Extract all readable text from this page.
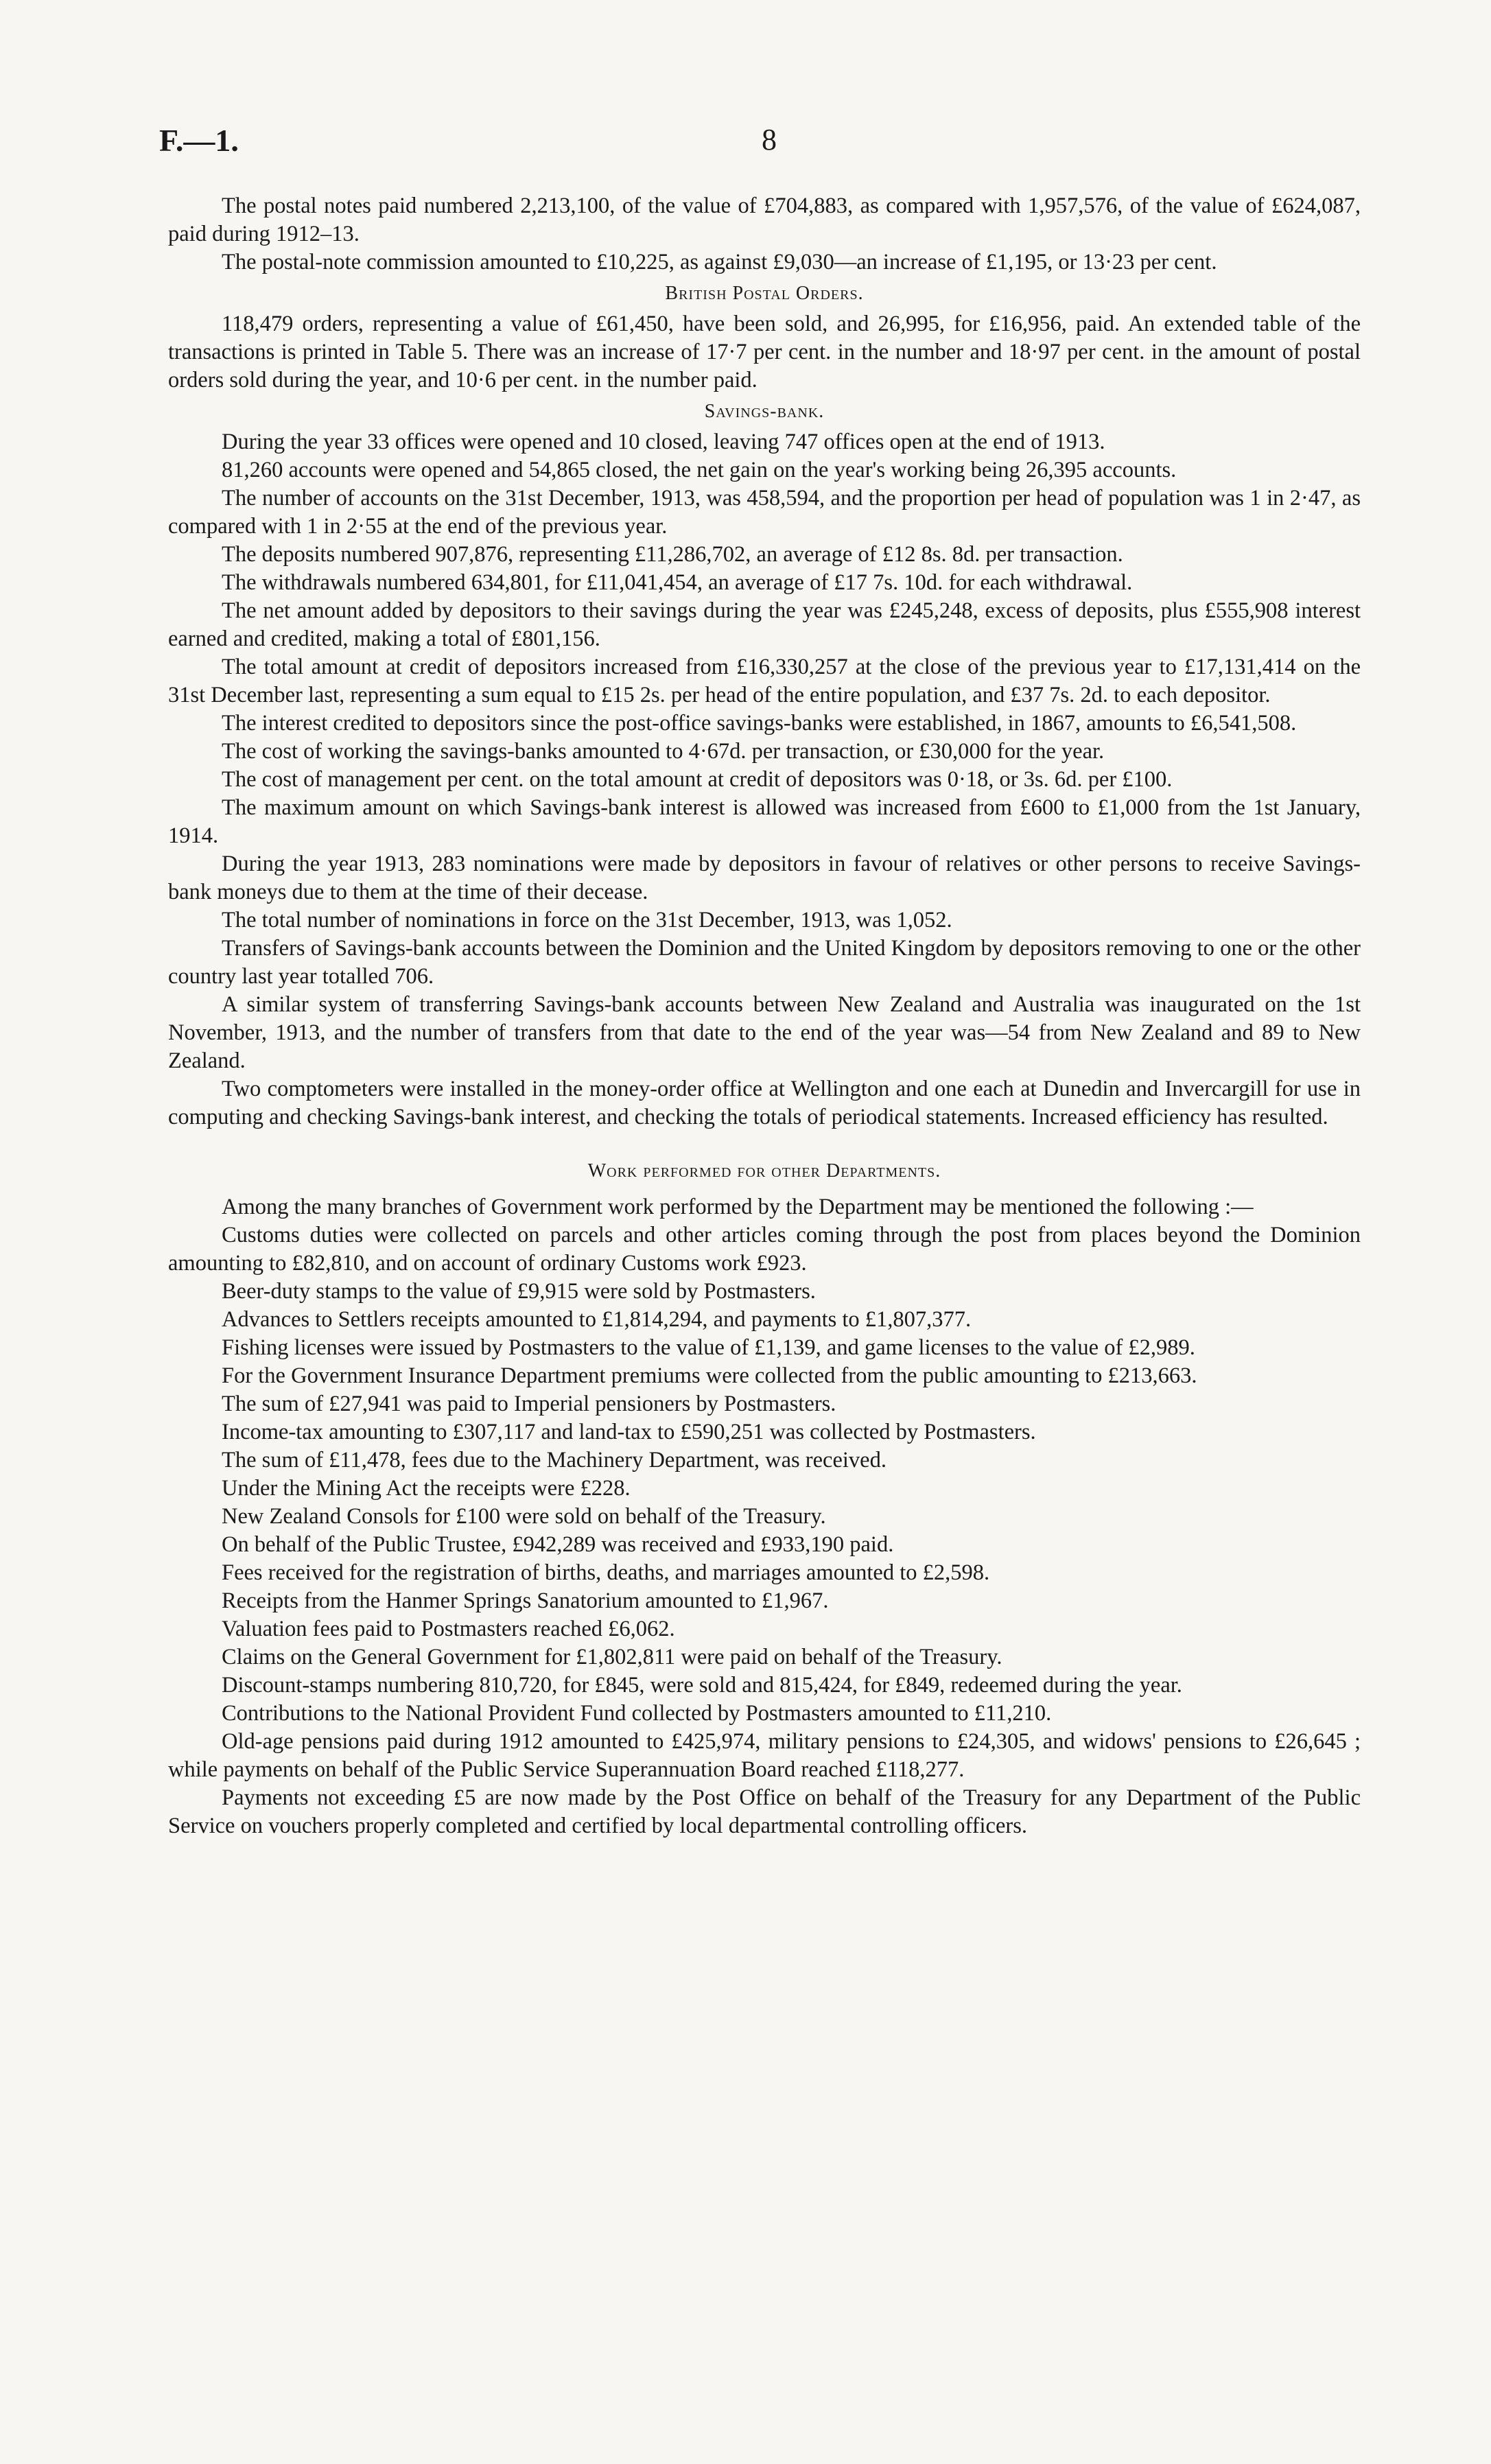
F.—1.	8

The postal notes paid numbered 2,213,100, of the value of £704,883, as compared with 1,957,576, of the value of £624,087, paid during 1912–13.

The postal-note commission amounted to £10,225, as against £9,030—an increase of £1,195, or 13·23 per cent.

British Postal Orders.

118,479 orders, representing a value of £61,450, have been sold, and 26,995, for £16,956, paid. An extended table of the transactions is printed in Table 5. There was an increase of 17·7 per cent. in the number and 18·97 per cent. in the amount of postal orders sold during the year, and 10·6 per cent. in the number paid.

Savings-bank.

During the year 33 offices were opened and 10 closed, leaving 747 offices open at the end of 1913.

81,260 accounts were opened and 54,865 closed, the net gain on the year's working being 26,395 accounts.

The number of accounts on the 31st December, 1913, was 458,594, and the proportion per head of population was 1 in 2·47, as compared with 1 in 2·55 at the end of the previous year.

The deposits numbered 907,876, representing £11,286,702, an average of £12 8s. 8d. per transaction.

The withdrawals numbered 634,801, for £11,041,454, an average of £17 7s. 10d. for each withdrawal.

The net amount added by depositors to their savings during the year was £245,248, excess of deposits, plus £555,908 interest earned and credited, making a total of £801,156.

The total amount at credit of depositors increased from £16,330,257 at the close of the previous year to £17,131,414 on the 31st December last, representing a sum equal to £15 2s. per head of the entire population, and £37 7s. 2d. to each depositor.

The interest credited to depositors since the post-office savings-banks were established, in 1867, amounts to £6,541,508.

The cost of working the savings-banks amounted to 4·67d. per transaction, or £30,000 for the year.

The cost of management per cent. on the total amount at credit of depositors was 0·18, or 3s. 6d. per £100.

The maximum amount on which Savings-bank interest is allowed was increased from £600 to £1,000 from the 1st January, 1914.

During the year 1913, 283 nominations were made by depositors in favour of relatives or other persons to receive Savings-bank moneys due to them at the time of their decease.

The total number of nominations in force on the 31st December, 1913, was 1,052.

Transfers of Savings-bank accounts between the Dominion and the United Kingdom by depositors removing to one or the other country last year totalled 706.

A similar system of transferring Savings-bank accounts between New Zealand and Australia was inaugurated on the 1st November, 1913, and the number of transfers from that date to the end of the year was—54 from New Zealand and 89 to New Zealand.

Two comptometers were installed in the money-order office at Wellington and one each at Dunedin and Invercargill for use in computing and checking Savings-bank interest, and checking the totals of periodical statements. Increased efficiency has resulted.

Work performed for other Departments.

Among the many branches of Government work performed by the Department may be mentioned the following :—

Customs duties were collected on parcels and other articles coming through the post from places beyond the Dominion amounting to £82,810, and on account of ordinary Customs work £923.

Beer-duty stamps to the value of £9,915 were sold by Postmasters.

Advances to Settlers receipts amounted to £1,814,294, and payments to £1,807,377.

Fishing licenses were issued by Postmasters to the value of £1,139, and game licenses to the value of £2,989.

For the Government Insurance Department premiums were collected from the public amounting to £213,663.

The sum of £27,941 was paid to Imperial pensioners by Postmasters.

Income-tax amounting to £307,117 and land-tax to £590,251 was collected by Postmasters.

The sum of £11,478, fees due to the Machinery Department, was received.

Under the Mining Act the receipts were £228.

New Zealand Consols for £100 were sold on behalf of the Treasury.

On behalf of the Public Trustee, £942,289 was received and £933,190 paid.

Fees received for the registration of births, deaths, and marriages amounted to £2,598.

Receipts from the Hanmer Springs Sanatorium amounted to £1,967.

Valuation fees paid to Postmasters reached £6,062.

Claims on the General Government for £1,802,811 were paid on behalf of the Treasury.

Discount-stamps numbering 810,720, for £845, were sold and 815,424, for £849, redeemed during the year.

Contributions to the National Provident Fund collected by Postmasters amounted to £11,210.

Old-age pensions paid during 1912 amounted to £425,974, military pensions to £24,305, and widows' pensions to £26,645 ; while payments on behalf of the Public Service Superannuation Board reached £118,277.

Payments not exceeding £5 are now made by the Post Office on behalf of the Treasury for any Department of the Public Service on vouchers properly completed and certified by local departmental controlling officers.
